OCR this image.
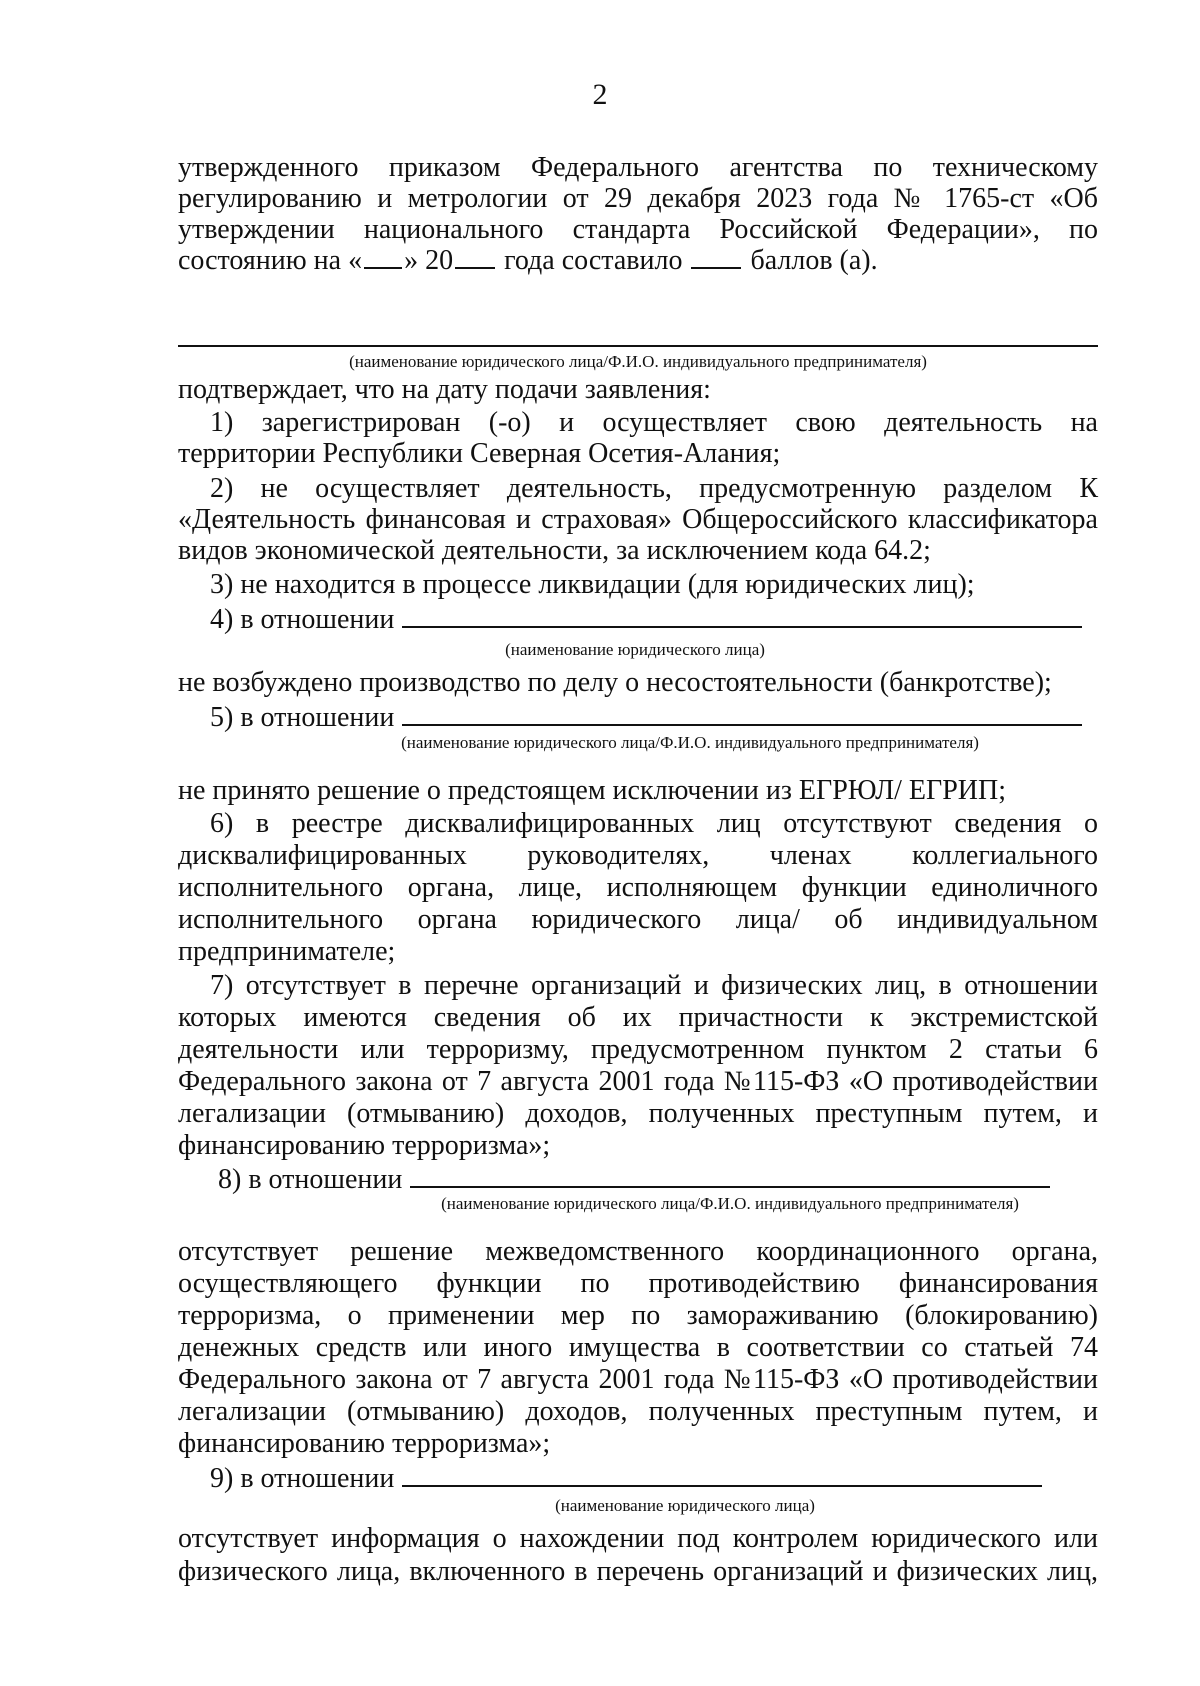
2
утвержденного приказом Федерального агентства по техническому
регулированию и метрологии от 29 декабря 2023 года № 1765-ст «Об
утверждении национального стандарта Российской Федерации», по
состоянию на « » 20 года составило баллов (а).
(наименование юридического лица/Ф.И.О. индивидуального предпринимателя)
подтверждает, что на дату подачи заявления:
1) зарегистрирован (-о) и осуществляет свою деятельность на
территории Республики Северная Осетия-Алания;
2) не осуществляет деятельность, предусмотренную разделом К
«Деятельность финансовая и страховая» Общероссийского классификатора
видов экономической деятельности, за исключением кода 64.2;
3) не находится в процессе ликвидации (для юридических лиц);
4) в отношении
(наименование юридического лица)
не возбуждено производство по делу о несостоятельности (банкротстве);
5) в отношении
(наименование юридического лица/Ф.И.О. индивидуального предпринимателя)
не принято решение о предстоящем исключении из ЕГРЮЛ/ ЕГРИП;
6) в реестре дисквалифицированных лиц отсутствуют сведения о
дисквалифицированных руководителях, членах коллегиального
исполнительного органа, лице, исполняющем функции единоличного
исполнительного органа юридического лица/ об индивидуальном
предпринимателе;
7) отсутствует в перечне организаций и физических лиц, в отношении
которых имеются сведения об их причастности к экстремистской
деятельности или терроризму, предусмотренном пунктом 2 статьи 6
Федерального закона от 7 августа 2001 года №115-ФЗ «О противодействии
легализации (отмыванию) доходов, полученных преступным путем, и
финансированию терроризма»;
8) в отношении
(наименование юридического лица/Ф.И.О. индивидуального предпринимателя)
отсутствует решение межведомственного координационного органа,
осуществляющего функции по противодействию финансирования
терроризма, о применении мер по замораживанию (блокированию)
денежных средств или иного имущества в соответствии со статьей 74
Федерального закона от 7 августа 2001 года №115-ФЗ «О противодействии
легализации (отмыванию) доходов, полученных преступным путем, и
финансированию терроризма»;
9) в отношении
(наименование юридического лица)
отсутствует информация о нахождении под контролем юридического или
физического лица, включенного в перечень организаций и физических лиц,
